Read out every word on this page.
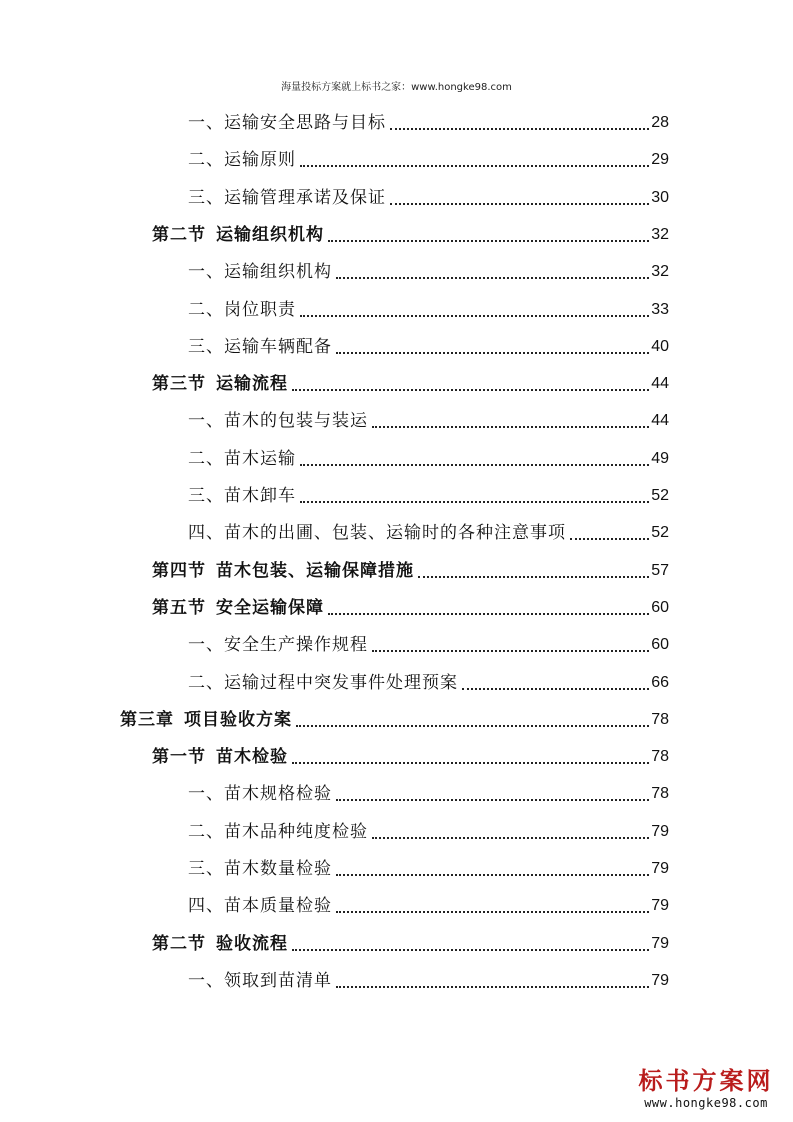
海量投标方案就上标书之家：www.hongke98.com
一、运输安全思路与目标	28
二、运输原则	29
三、运输管理承诺及保证	30
第二节 运输组织机构	32
一、运输组织机构	32
二、岗位职责	33
三、运输车辆配备	40
第三节 运输流程	44
一、苗木的包装与装运	44
二、苗木运输	49
三、苗木卸车	52
四、苗木的出圃、包装、运输时的各种注意事项	52
第四节 苗木包装、运输保障措施	57
第五节 安全运输保障	60
一、安全生产操作规程	60
二、运输过程中突发事件处理预案	66
第三章 项目验收方案	78
第一节 苗木检验	78
一、苗木规格检验	78
二、苗木品种纯度检验	79
三、苗木数量检验	79
四、苗本质量检验	79
第二节 验收流程	79
一、领取到苗清单	79
标书方案网
www.hongke98.com
